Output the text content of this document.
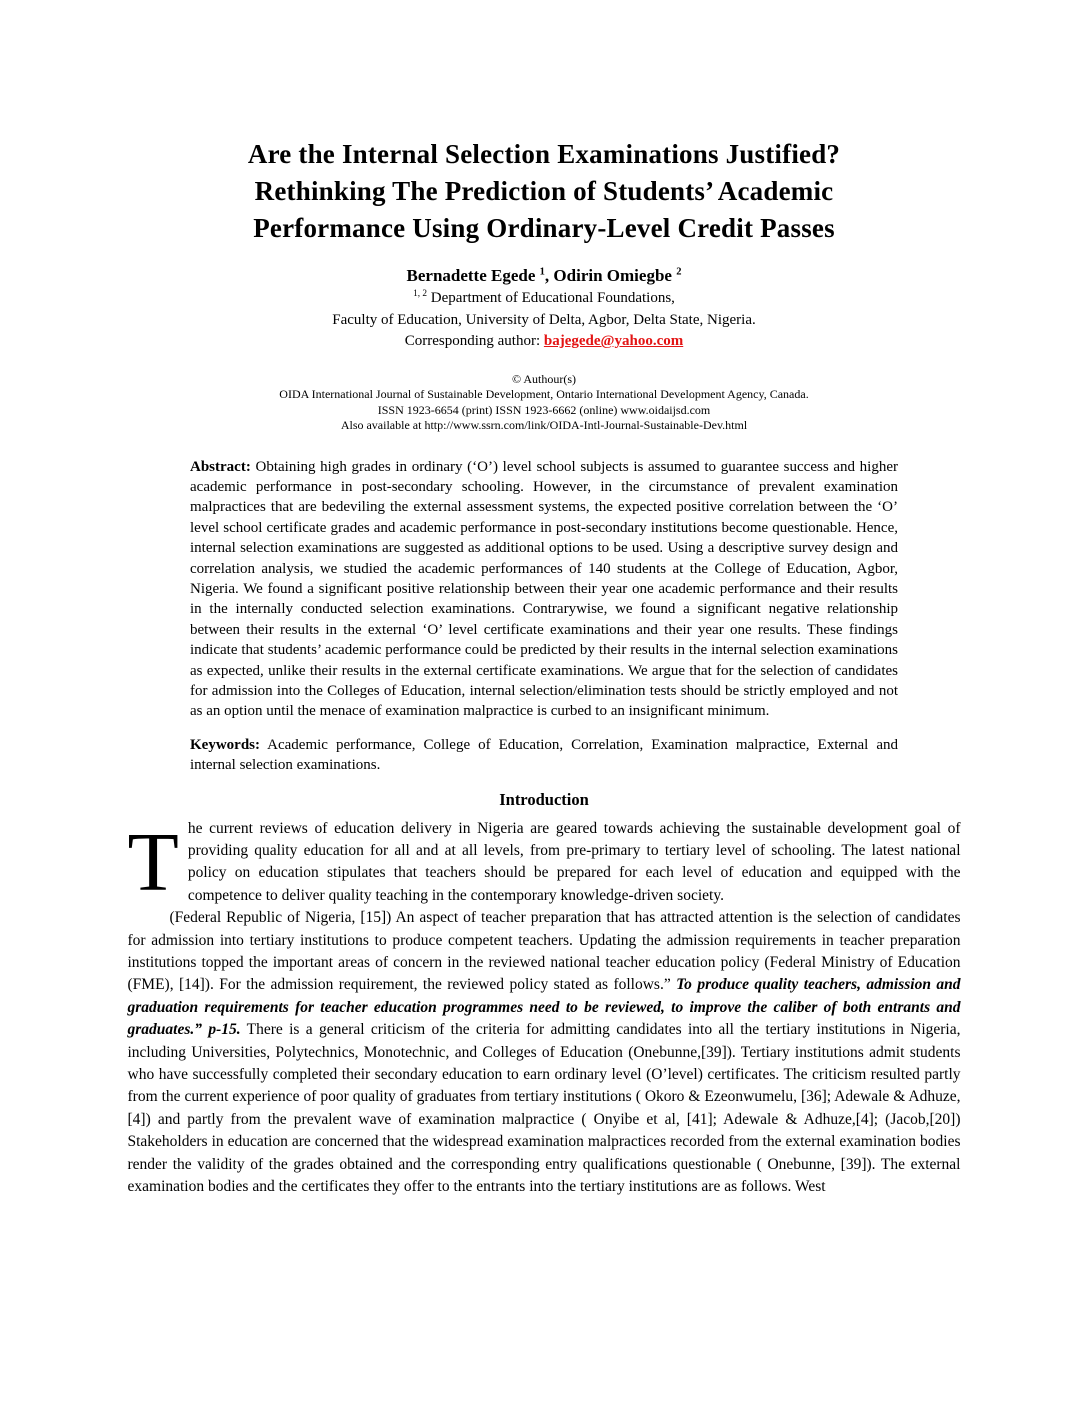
Are the Internal Selection Examinations Justified?
Rethinking The Prediction of Students’ Academic
Performance Using Ordinary-Level Credit Passes
Bernadette Egede $^1$, Odirin Omiegbe $^2$
$^{1, 2}$ Department of Educational Foundations,
Faculty of Education, University of Delta, Agbor, Delta State, Nigeria.
Corresponding author: bajegede@yahoo.com
© Authour(s)
OIDA International Journal of Sustainable Development, Ontario International Development Agency, Canada.
ISSN 1923-6654 (print) ISSN 1923-6662 (online) www.oidaijsd.com
Also available at http://www.ssrn.com/link/OIDA-Intl-Journal-Sustainable-Dev.html

Abstract: Obtaining high grades in ordinary (‘O’) level school subjects is assumed to guarantee success and higher academic performance in post-secondary schooling. However, in the circumstance of prevalent examination malpractices that are bedeviling the external assessment systems, the expected positive correlation between the ‘O’ level school certificate grades and academic performance in post-secondary institutions become questionable. Hence, internal selection examinations are suggested as additional options to be used. Using a descriptive survey design and correlation analysis, we studied the academic performances of 140 students at the College of Education, Agbor, Nigeria. We found a significant positive relationship between their year one academic performance and their results in the internally conducted selection examinations. Contrarywise, we found a significant negative relationship between their results in the external ‘O’ level certificate examinations and their year one results. These findings indicate that students’ academic performance could be predicted by their results in the internal selection examinations as expected, unlike their results in the external certificate examinations. We argue that for the selection of candidates for admission into the Colleges of Education, internal selection/elimination tests should be strictly employed and not as an option until the menace of examination malpractice is curbed to an insignificant minimum.

Keywords: Academic performance, College of Education, Correlation, Examination malpractice, External and internal selection examinations.

Introduction

The current reviews of education delivery in Nigeria are geared towards achieving the sustainable development goal of providing quality education for all and at all levels, from pre-primary to tertiary level of schooling. The latest national policy on education stipulates that teachers should be prepared for each level of education and equipped with the competence to deliver quality teaching in the contemporary knowledge-driven society.

(Federal Republic of Nigeria, [15]) An aspect of teacher preparation that has attracted attention is the selection of candidates for admission into tertiary institutions to produce competent teachers. Updating the admission requirements in teacher preparation institutions topped the important areas of concern in the reviewed national teacher education policy (Federal Ministry of Education (FME), [14]). For the admission requirement, the reviewed policy stated as follows.” To produce quality teachers, admission and graduation requirements for teacher education programmes need to be reviewed, to improve the caliber of both entrants and graduates.” p-15. There is a general criticism of the criteria for admitting candidates into all the tertiary institutions in Nigeria, including Universities, Polytechnics, Monotechnic, and Colleges of Education (Onebunne,[39]). Tertiary institutions admit students who have successfully completed their secondary education to earn ordinary level (O’level) certificates. The criticism resulted partly from the current experience of poor quality of graduates from tertiary institutions ( Okoro & Ezeonwumelu, [36]; Adewale & Adhuze, [4]) and partly from the prevalent wave of examination malpractice ( Onyibe et al, [41]; Adewale & Adhuze,[4]; (Jacob,[20]) Stakeholders in education are concerned that the widespread examination malpractices recorded from the external examination bodies render the validity of the grades obtained and the corresponding entry qualifications questionable ( Onebunne, [39]). The external examination bodies and the certificates they offer to the entrants into the tertiary institutions are as follows. West
